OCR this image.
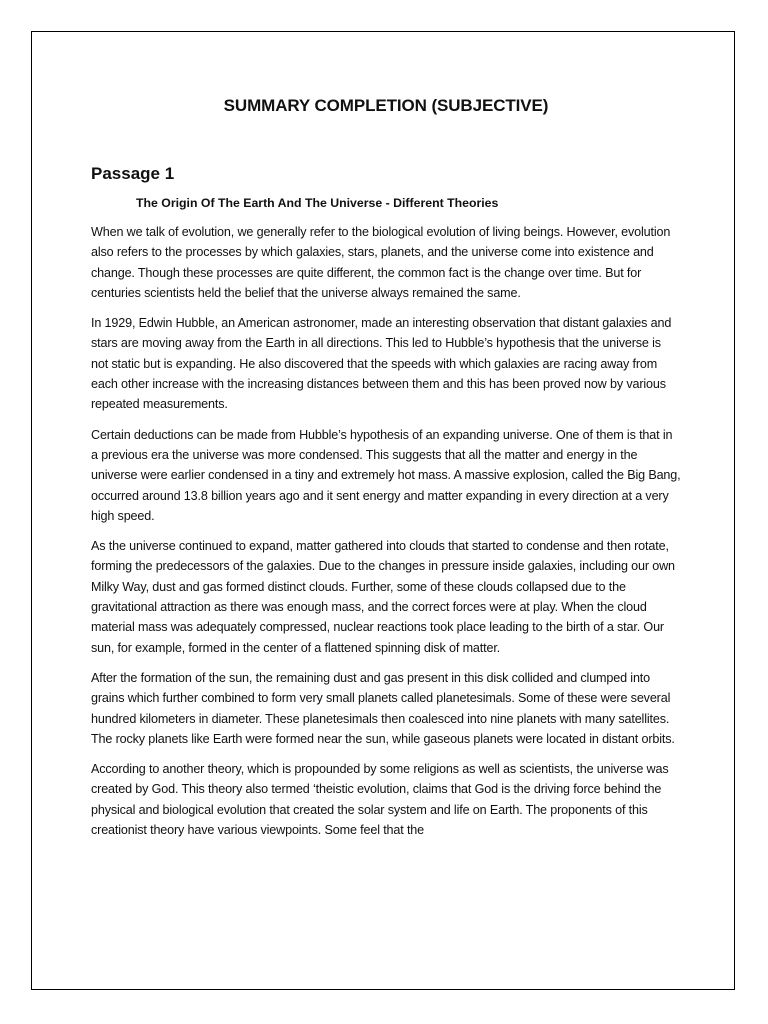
SUMMARY COMPLETION (SUBJECTIVE)
Passage 1
The Origin Of The Earth And The Universe - Different Theories

When we talk of evolution, we generally refer to the biological evolution of living beings. However, evolution also refers to the processes by which galaxies, stars, planets, and the universe come into existence and change. Though these processes are quite different, the common fact is the change over time. But for centuries scientists held the belief that the universe always remained the same.

In 1929, Edwin Hubble, an American astronomer, made an interesting observation that distant galaxies and stars are moving away from the Earth in all directions. This led to Hubble’s hypothesis that the universe is not static but is expanding. He also discovered that the speeds with which galaxies are racing away from each other increase with the increasing distances between them and this has been proved now by various repeated measurements.

Certain deductions can be made from Hubble’s hypothesis of an expanding universe. One of them is that in a previous era the universe was more condensed. This suggests that all the matter and energy in the universe were earlier condensed in a tiny and extremely hot mass. A massive explosion, called the Big Bang, occurred around 13.8 billion years ago and it sent energy and matter expanding in every direction at a very high speed.

As the universe continued to expand, matter gathered into clouds that started to condense and then rotate, forming the predecessors of the galaxies. Due to the changes in pressure inside galaxies, including our own Milky Way, dust and gas formed distinct clouds. Further, some of these clouds collapsed due to the gravitational attraction as there was enough mass, and the correct forces were at play. When the cloud material mass was adequately compressed, nuclear reactions took place leading to the birth of a star. Our sun, for example, formed in the center of a flattened spinning disk of matter.

After the formation of the sun, the remaining dust and gas present in this disk collided and clumped into grains which further combined to form very small planets called planetesimals. Some of these were several hundred kilometers in diameter. These planetesimals then coalesced into nine planets with many satellites. The rocky planets like Earth were formed near the sun, while gaseous planets were located in distant orbits.

According to another theory, which is propounded by some religions as well as scientists, the universe was created by God. This theory also termed ‘theistic evolution, claims that God is the driving force behind the physical and biological evolution that created the solar system and life on Earth. The proponents of this creationist theory have various viewpoints. Some feel that the
